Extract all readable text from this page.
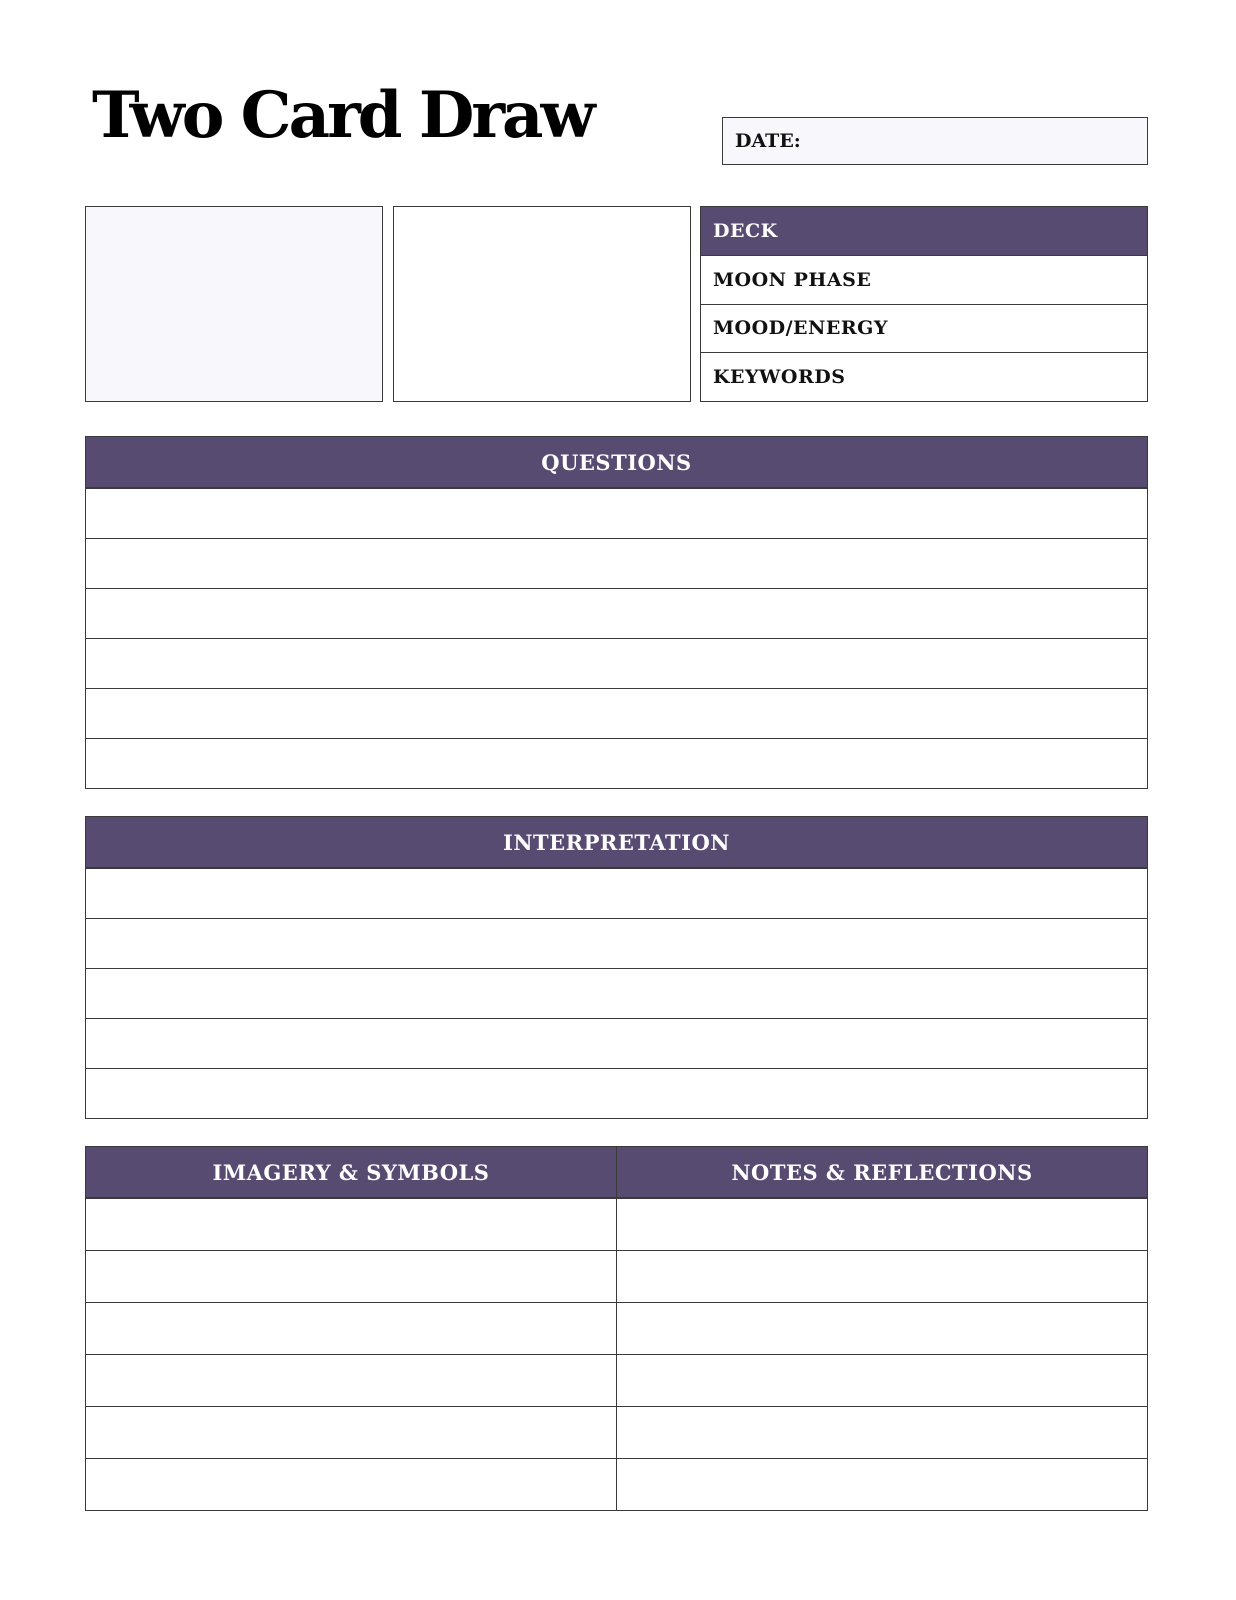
Two Card Draw	DATE:
DECK
MOON PHASE
MOOD/ENERGY
KEYWORDS
QUESTIONS
INTERPRETATION
IMAGERY & SYMBOLS	NOTES & REFLECTIONS
